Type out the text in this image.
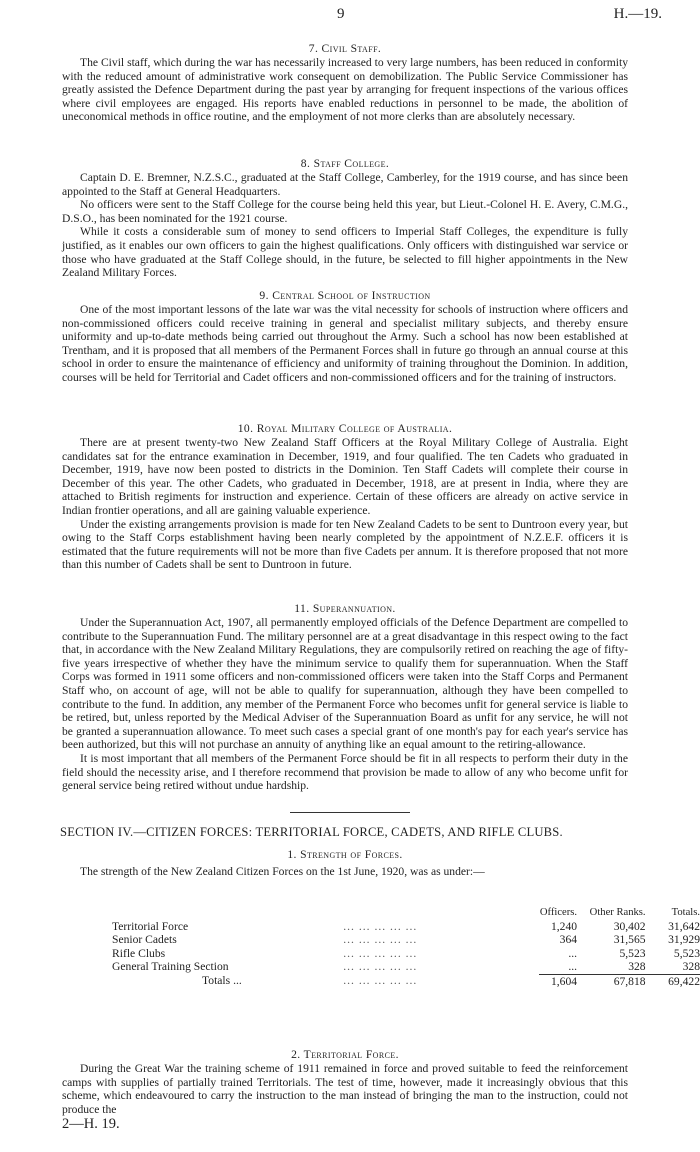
9	H.—19.
7. Civil Staff.

The Civil staff, which during the war has necessarily increased to very large numbers, has been reduced in conformity with the reduced amount of administrative work consequent on demobilization. The Public Service Commissioner has greatly assisted the Defence Department during the past year by arranging for frequent inspections of the various offices where civil employees are engaged. His reports have enabled reductions in personnel to be made, the abolition of uneconomical methods in office routine, and the employment of not more clerks than are absolutely necessary.

8. Staff College.

Captain D. E. Bremner, N.Z.S.C., graduated at the Staff College, Camberley, for the 1919 course, and has since been appointed to the Staff at General Headquarters.

No officers were sent to the Staff College for the course being held this year, but Lieut.-Colonel H. E. Avery, C.M.G., D.S.O., has been nominated for the 1921 course.

While it costs a considerable sum of money to send officers to Imperial Staff Colleges, the expenditure is fully justified, as it enables our own officers to gain the highest qualifications. Only officers with distinguished war service or those who have graduated at the Staff College should, in the future, be selected to fill higher appointments in the New Zealand Military Forces.

9. Central School of Instruction

One of the most important lessons of the late war was the vital necessity for schools of instruction where officers and non-commissioned officers could receive training in general and specialist military subjects, and thereby ensure uniformity and up-to-date methods being carried out throughout the Army. Such a school has now been established at Trentham, and it is proposed that all members of the Permanent Forces shall in future go through an annual course at this school in order to ensure the maintenance of efficiency and uniformity of training throughout the Dominion. In addition, courses will be held for Territorial and Cadet officers and non-commissioned officers and for the training of instructors.

10. Royal Military College of Australia.

There are at present twenty-two New Zealand Staff Officers at the Royal Military College of Australia. Eight candidates sat for the entrance examination in December, 1919, and four qualified. The ten Cadets who graduated in December, 1919, have now been posted to districts in the Dominion. Ten Staff Cadets will complete their course in December of this year. The other Cadets, who graduated in December, 1918, are at present in India, where they are attached to British regiments for instruction and experience. Certain of these officers are already on active service in Indian frontier operations, and all are gaining valuable experience.

Under the existing arrangements provision is made for ten New Zealand Cadets to be sent to Duntroon every year, but owing to the Staff Corps establishment having been nearly completed by the appointment of N.Z.E.F. officers it is estimated that the future requirements will not be more than five Cadets per annum. It is therefore proposed that not more than this number of Cadets shall be sent to Duntroon in future.

11. Superannuation.

Under the Superannuation Act, 1907, all permanently employed officials of the Defence Department are compelled to contribute to the Superannuation Fund. The military personnel are at a great disadvantage in this respect owing to the fact that, in accordance with the New Zealand Military Regulations, they are compulsorily retired on reaching the age of fifty-five years irrespective of whether they have the minimum service to qualify them for superannuation. When the Staff Corps was formed in 1911 some officers and non-commissioned officers were taken into the Staff Corps and Permanent Staff who, on account of age, will not be able to qualify for superannuation, although they have been compelled to contribute to the fund. In addition, any member of the Permanent Force who becomes unfit for general service is liable to be retired, but, unless reported by the Medical Adviser of the Superannuation Board as unfit for any service, he will not be granted a superannuation allowance. To meet such cases a special grant of one month's pay for each year's service has been authorized, but this will not purchase an annuity of anything like an equal amount to the retiring-allowance.

It is most important that all members of the Permanent Force should be fit in all respects to perform their duty in the field should the necessity arise, and I therefore recommend that provision be made to allow of any who become unfit for general service being retired without undue hardship.

SECTION IV.—CITIZEN FORCES: TERRITORIAL FORCE, CADETS, AND RIFLE CLUBS.
1. Strength of Forces.

The strength of the New Zealand Citizen Forces on the 1st June, 1920, was as under:—

		Officers.	Other Ranks.	Totals.
Territorial Force	... ... ... ... ...	1,240	30,402	31,642
Senior Cadets	... ... ... ... ...	364	31,565	31,929
Rifle Clubs	... ... ... ... ...	...	5,523	5,523
General Training Section	... ... ... ... ...	...	328	328
Totals ...	... ... ... ... ...	1,604	67,818	69,422
2. Territorial Force.

During the Great War the training scheme of 1911 remained in force and proved suitable to feed the reinforcement camps with supplies of partially trained Territorials. The test of time, however, made it increasingly obvious that this scheme, which endeavoured to carry the instruction to the man instead of bringing the man to the instruction, could not produce the

2—H. 19.
